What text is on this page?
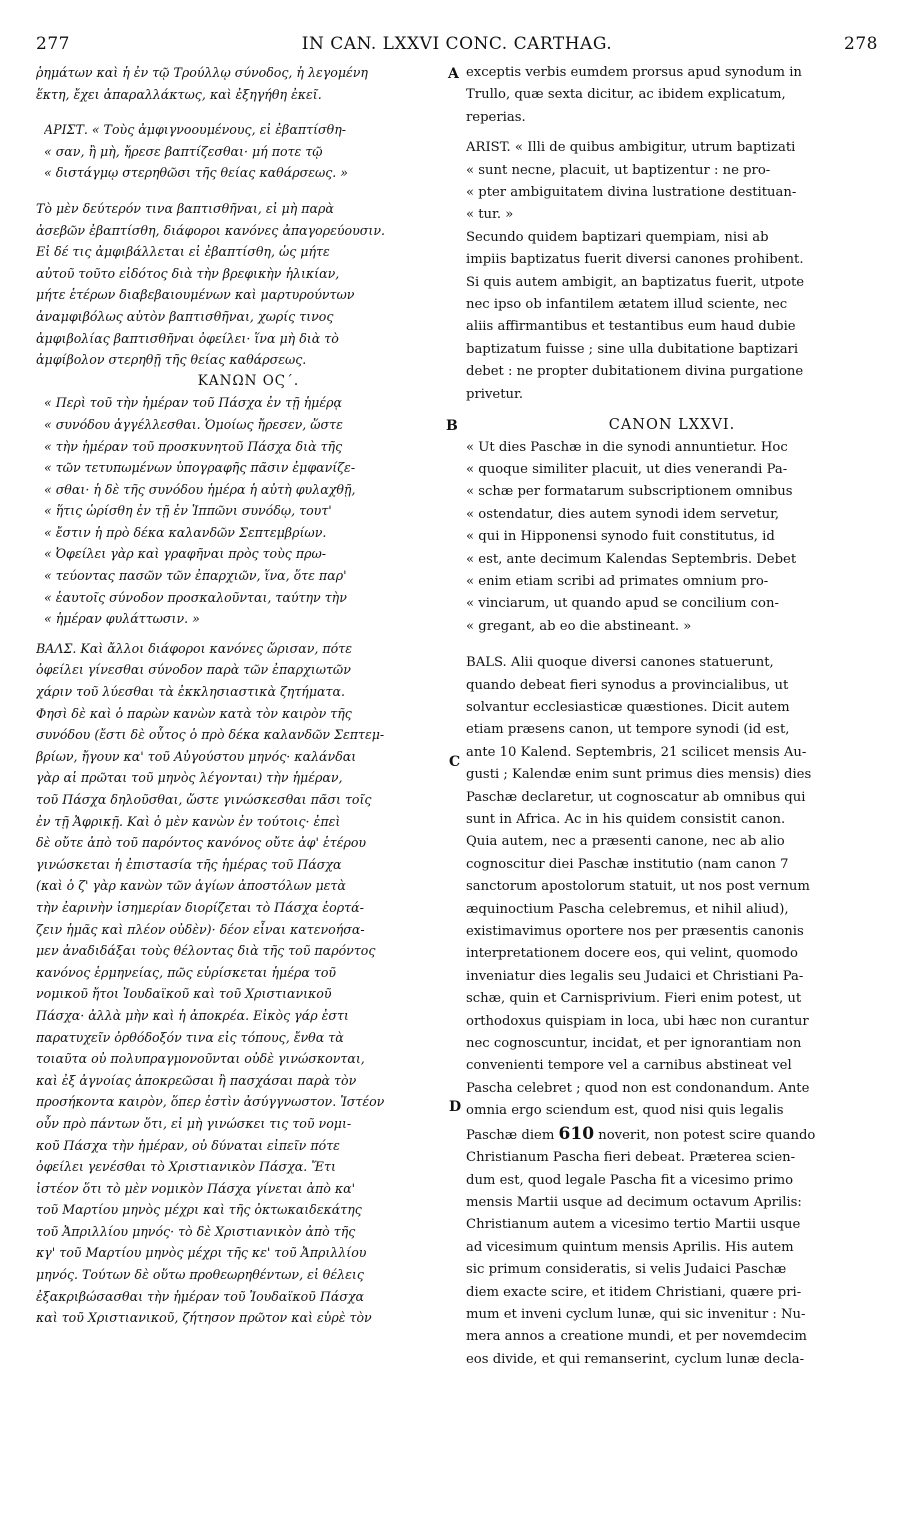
277	IN CAN. LXXVI CONC. CARTHAG.	278
A
B
C
D
ῥημάτων καὶ ἡ ἐν τῷ Τρούλλῳ σύνοδος, ἡ λεγομένη
ἕκτη, ἔχει ἀπαραλλάκτως, καὶ ἐξηγήθη ἐκεῖ.
ΑΡΙΣΤ. « Τοὺς ἀμφιγνοουμένους, εἰ ἐβαπτίσθη-
« σαν, ἢ μὴ, ἤρεσε βαπτίζεσθαι· μή ποτε τῷ
« διστάγμῳ στερηθῶσι τῆς θείας καθάρσεως. »
Τὸ μὲν δεύτερόν τινα βαπτισθῆναι, εἰ μὴ παρὰ
ἀσεβῶν ἐβαπτίσθη, διάφοροι κανόνες ἀπαγορεύουσιν.
Εἰ δέ τις ἀμφιβάλλεται εἰ ἐβαπτίσθη, ὡς μήτε
αὐτοῦ τοῦτο εἰδότος διὰ τὴν βρεφικὴν ἡλικίαν,
μήτε ἑτέρων διαβεβαιουμένων καὶ μαρτυρούντων
ἀναμφιβόλως αὐτὸν βαπτισθῆναι, χωρίς τινος
ἀμφιβολίας βαπτισθῆναι ὀφείλει· ἵνα μὴ διὰ τὸ
ἀμφίβολον στερηθῇ τῆς θείας καθάρσεως.
ΚΑΝΩΝ ΟϚ΄.
« Περὶ τοῦ τὴν ἡμέραν τοῦ Πάσχα ἐν τῇ ἡμέρᾳ
« συνόδου ἀγγέλλεσθαι. Ὁμοίως ἤρεσεν, ὥστε
« τὴν ἡμέραν τοῦ προσκυνητοῦ Πάσχα διὰ τῆς
« τῶν τετυπωμένων ὑπογραφῆς πᾶσιν ἐμφανίζε-
« σθαι· ἡ δὲ τῆς συνόδου ἡμέρα ἡ αὐτὴ φυλαχθῇ,
« ἥτις ὡρίσθη ἐν τῇ ἐν Ἱππῶνι συνόδῳ, τουτ'
« ἔστιν ἡ πρὸ δέκα καλανδῶν Σεπτεμβρίων.
« Ὀφείλει γὰρ καὶ γραφῆναι πρὸς τοὺς πρω-
« τεύοντας πασῶν τῶν ἐπαρχιῶν, ἵνα, ὅτε παρ'
« ἑαυτοῖς σύνοδον προσκαλοῦνται, ταύτην τὴν
« ἡμέραν φυλάττωσιν. »
ΒΑΛΣ. Καὶ ἄλλοι διάφοροι κανόνες ὥρισαν, πότε
ὀφείλει γίνεσθαι σύνοδον παρὰ τῶν ἐπαρχιωτῶν
χάριν τοῦ λύεσθαι τὰ ἐκκλησιαστικὰ ζητήματα.
Φησὶ δὲ καὶ ὁ παρὼν κανὼν κατὰ τὸν καιρὸν τῆς
συνόδου (ἔστι δὲ οὗτος ὁ πρὸ δέκα καλανδῶν Σεπτεμ-
βρίων, ἤγουν κα' τοῦ Αὐγούστου μηνός· καλάνδαι
γὰρ αἱ πρῶται τοῦ μηνὸς λέγονται) τὴν ἡμέραν,
τοῦ Πάσχα δηλοῦσθαι, ὥστε γινώσκεσθαι πᾶσι τοῖς
ἐν τῇ Ἀφρικῇ. Καὶ ὁ μὲν κανὼν ἐν τούτοις· ἐπεὶ
δὲ οὔτε ἀπὸ τοῦ παρόντος κανόνος οὔτε ἀφ' ἑτέρου
γινώσκεται ἡ ἐπιστασία τῆς ἡμέρας τοῦ Πάσχα
(καὶ ὁ ζ' γὰρ κανὼν τῶν ἁγίων ἀποστόλων μετὰ
τὴν ἐαρινὴν ἰσημερίαν διορίζεται τὸ Πάσχα ἑορτά-
ζειν ἡμᾶς καὶ πλέον οὐδὲν)· δέον εἶναι κατενοήσα-
μεν ἀναδιδάξαι τοὺς θέλοντας διὰ τῆς τοῦ παρόντος
κανόνος ἑρμηνείας, πῶς εὑρίσκεται ἡμέρα τοῦ
νομικοῦ ἤτοι Ἰουδαϊκοῦ καὶ τοῦ Χριστιανικοῦ
Πάσχα· ἀλλὰ μὴν καὶ ἡ ἀποκρέα. Εἰκὸς γάρ ἐστι
παρατυχεῖν ὀρθόδοξόν τινα εἰς τόπους, ἔνθα τὰ
τοιαῦτα οὐ πολυπραγμονοῦνται οὐδὲ γινώσκονται,
καὶ ἐξ ἀγνοίας ἀποκρεῶσαι ἢ πασχάσαι παρὰ τὸν
προσήκοντα καιρὸν, ὅπερ ἐστὶν ἀσύγγνωστον. Ἰστέον
οὖν πρὸ πάντων ὅτι, εἰ μὴ γινώσκει τις τοῦ νομι-
κοῦ Πάσχα τὴν ἡμέραν, οὐ δύναται εἰπεῖν πότε
ὀφείλει γενέσθαι τὸ Χριστιανικὸν Πάσχα. Ἔτι
ἰστέον ὅτι τὸ μὲν νομικὸν Πάσχα γίνεται ἀπὸ κα'
τοῦ Μαρτίου μηνὸς μέχρι καὶ τῆς ὀκτωκαιδεκάτης
τοῦ Ἀπριλλίου μηνός· τὸ δὲ Χριστιανικὸν ἀπὸ τῆς
κγ' τοῦ Μαρτίου μηνὸς μέχρι τῆς κε' τοῦ Ἀπριλλίου
μηνός. Τούτων δὲ οὕτω προθεωρηθέντων, εἰ θέλεις
ἐξακριβώσασθαι τὴν ἡμέραν τοῦ Ἰουδαϊκοῦ Πάσχα
καὶ τοῦ Χριστιανικοῦ, ζήτησον πρῶτον καὶ εὑρὲ τὸν
exceptis verbis eumdem prorsus apud synodum in
Trullo, quæ sexta dicitur, ac ibidem explicatum,
reperias.
ARIST. « Illi de quibus ambigitur, utrum baptizati
« sunt necne, placuit, ut baptizentur : ne pro-
« pter ambiguitatem divina lustratione destituan-
« tur. »
Secundo quidem baptizari quempiam, nisi ab
impiis baptizatus fuerit diversi canones prohibent.
Si quis autem ambigit, an baptizatus fuerit, utpote
nec ipso ob infantilem ætatem illud sciente, nec
aliis affirmantibus et testantibus eum haud dubie
baptizatum fuisse ; sine ulla dubitatione baptizari
debet : ne propter dubitationem divina purgatione
privetur.
CANON LXXVI.
« Ut dies Paschæ in die synodi annuntietur. Hoc
« quoque similiter placuit, ut dies venerandi Pa-
« schæ per formatarum subscriptionem omnibus
« ostendatur, dies autem synodi idem servetur,
« qui in Hipponensi synodo fuit constitutus, id
« est, ante decimum Kalendas Septembris. Debet
« enim etiam scribi ad primates omnium pro-
« vinciarum, ut quando apud se concilium con-
« gregant, ab eo die abstineant. »
BALS. Alii quoque diversi canones statuerunt,
quando debeat fieri synodus a provincialibus, ut
solvantur ecclesiasticæ quæstiones. Dicit autem
etiam præsens canon, ut tempore synodi (id est,
ante 10 Kalend. Septembris, 21 scilicet mensis Au-
gusti ; Kalendæ enim sunt primus dies mensis) dies
Paschæ declaretur, ut cognoscatur ab omnibus qui
sunt in Africa. Ac in his quidem consistit canon.
Quia autem, nec a præsenti canone, nec ab alio
cognoscitur diei Paschæ institutio (nam canon 7
sanctorum apostolorum statuit, ut nos post vernum
æquinoctium Pascha celebremus, et nihil aliud),
existimavimus oportere nos per præsentis canonis
interpretationem docere eos, qui velint, quomodo
inveniatur dies legalis seu Judaici et Christiani Pa-
schæ, quin et Carnisprivium. Fieri enim potest, ut
orthodoxus quispiam in loca, ubi hæc non curantur
nec cognoscuntur, incidat, et per ignorantiam non
convenienti tempore vel a carnibus abstineat vel
Pascha celebret ; quod non est condonandum. Ante
omnia ergo sciendum est, quod nisi quis legalis
Paschæ diem 610 noverit, non potest scire quando
Christianum Pascha fieri debeat. Præterea scien-
dum est, quod legale Pascha fit a vicesimo primo
mensis Martii usque ad decimum octavum Aprilis:
Christianum autem a vicesimo tertio Martii usque
ad vicesimum quintum mensis Aprilis. His autem
sic primum consideratis, si velis Judaici Paschæ
diem exacte scire, et itidem Christiani, quære pri-
mum et inveni cyclum lunæ, qui sic invenitur : Nu-
mera annos a creatione mundi, et per novemdecim
eos divide, et qui remanserint, cyclum lunæ decla-
